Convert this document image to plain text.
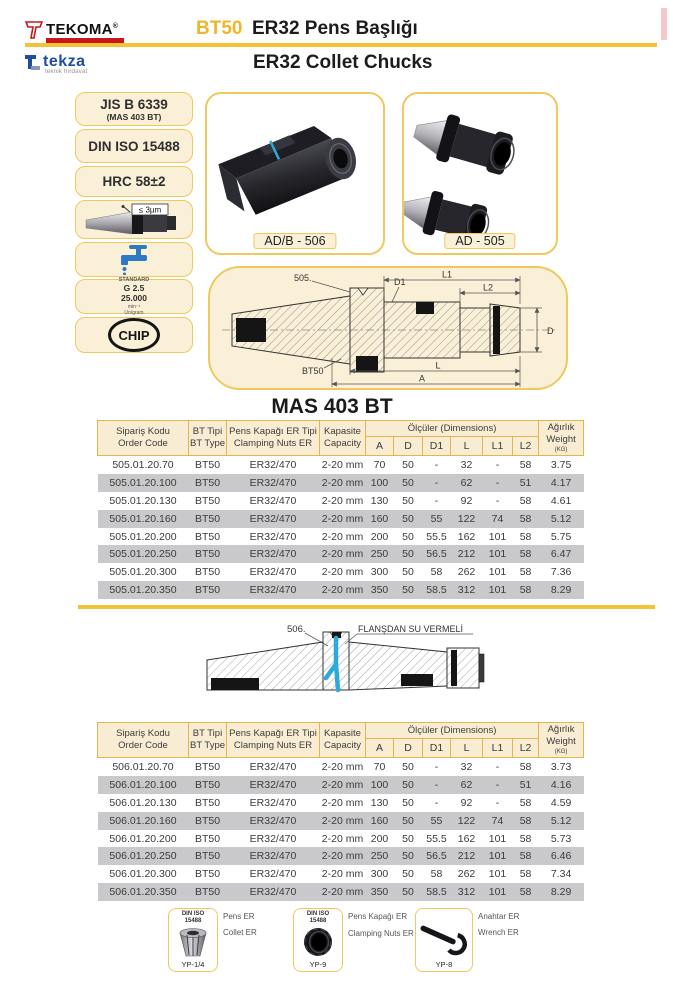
TEKOMA®
tekza
teknik hırdavat
BT50 ER32 Pens Başlığı
ER32 Collet Chucks
JIS B 6339
(MAS 403 BT)
DIN ISO 15488
HRC 58±2
≤ 3µm
STANDARD
G 2.5
25.000
min⁻¹
Un/gram
CHIP
AD/B - 506	AD - 505
505.
BT50
D1
L1
L2
D
L
A
MAS 403 BT
Sipariş Kodu
Order Code

BT Tipi
BT Type

Pens Kapağı ER Tipi
Clamping Nuts ER

Kapasite
Capacity
	Ölçüler (Dimensions)	Ağırlık
Weight
(KG)

				A	D	D1	L	L1	L2	
505.01.20.70	BT50	ER32/470	2-20 mm	70	50	-	32	-	58	3.75
505.01.20.100	BT50	ER32/470	2-20 mm	100	50	-	62	-	51	4.17
505.01.20.130	BT50	ER32/470	2-20 mm	130	50	-	92	-	58	4.61
505.01.20.160	BT50	ER32/470	2-20 mm	160	50	55	122	74	58	5.12
505.01.20.200	BT50	ER32/470	2-20 mm	200	50	55.5	162	101	58	5.75
505.01.20.250	BT50	ER32/470	2-20 mm	250	50	56.5	212	101	58	6.47
505.01.20.300	BT50	ER32/470	2-20 mm	300	50	58	262	101	58	7.36
505.01.20.350	BT50	ER32/470	2-20 mm	350	50	58.5	312	101	58	8.29
506.	FLANŞDAN SU VERMELİ
Sipariş Kodu
Order Code

BT Tipi
BT Type

Pens Kapağı ER Tipi
Clamping Nuts ER

Kapasite
Capacity
	Ölçüler (Dimensions)	Ağırlık
Weight
(KG)

				A	D	D1	L	L1	L2	
506.01.20.70	BT50	ER32/470	2-20 mm	70	50	-	32	-	58	3.73
506.01.20.100	BT50	ER32/470	2-20 mm	100	50	-	62	-	51	4.16
506.01.20.130	BT50	ER32/470	2-20 mm	130	50	-	92	-	58	4.59
506.01.20.160	BT50	ER32/470	2-20 mm	160	50	55	122	74	58	5.12
506.01.20.200	BT50	ER32/470	2-20 mm	200	50	55.5	162	101	58	5.73
506.01.20.250	BT50	ER32/470	2-20 mm	250	50	56.5	212	101	58	6.46
506.01.20.300	BT50	ER32/470	2-20 mm	300	50	58	262	101	58	7.34
506.01.20.350	BT50	ER32/470	2-20 mm	350	50	58.5	312	101	58	8.29
DIN ISO
15488
YP-1/4
Pens ER
Collet ER
DIN ISO
15488
YP-9
Pens Kapağı ER
Clamping Nuts ER

YP-8
Anahtar ER
Wrench ER
